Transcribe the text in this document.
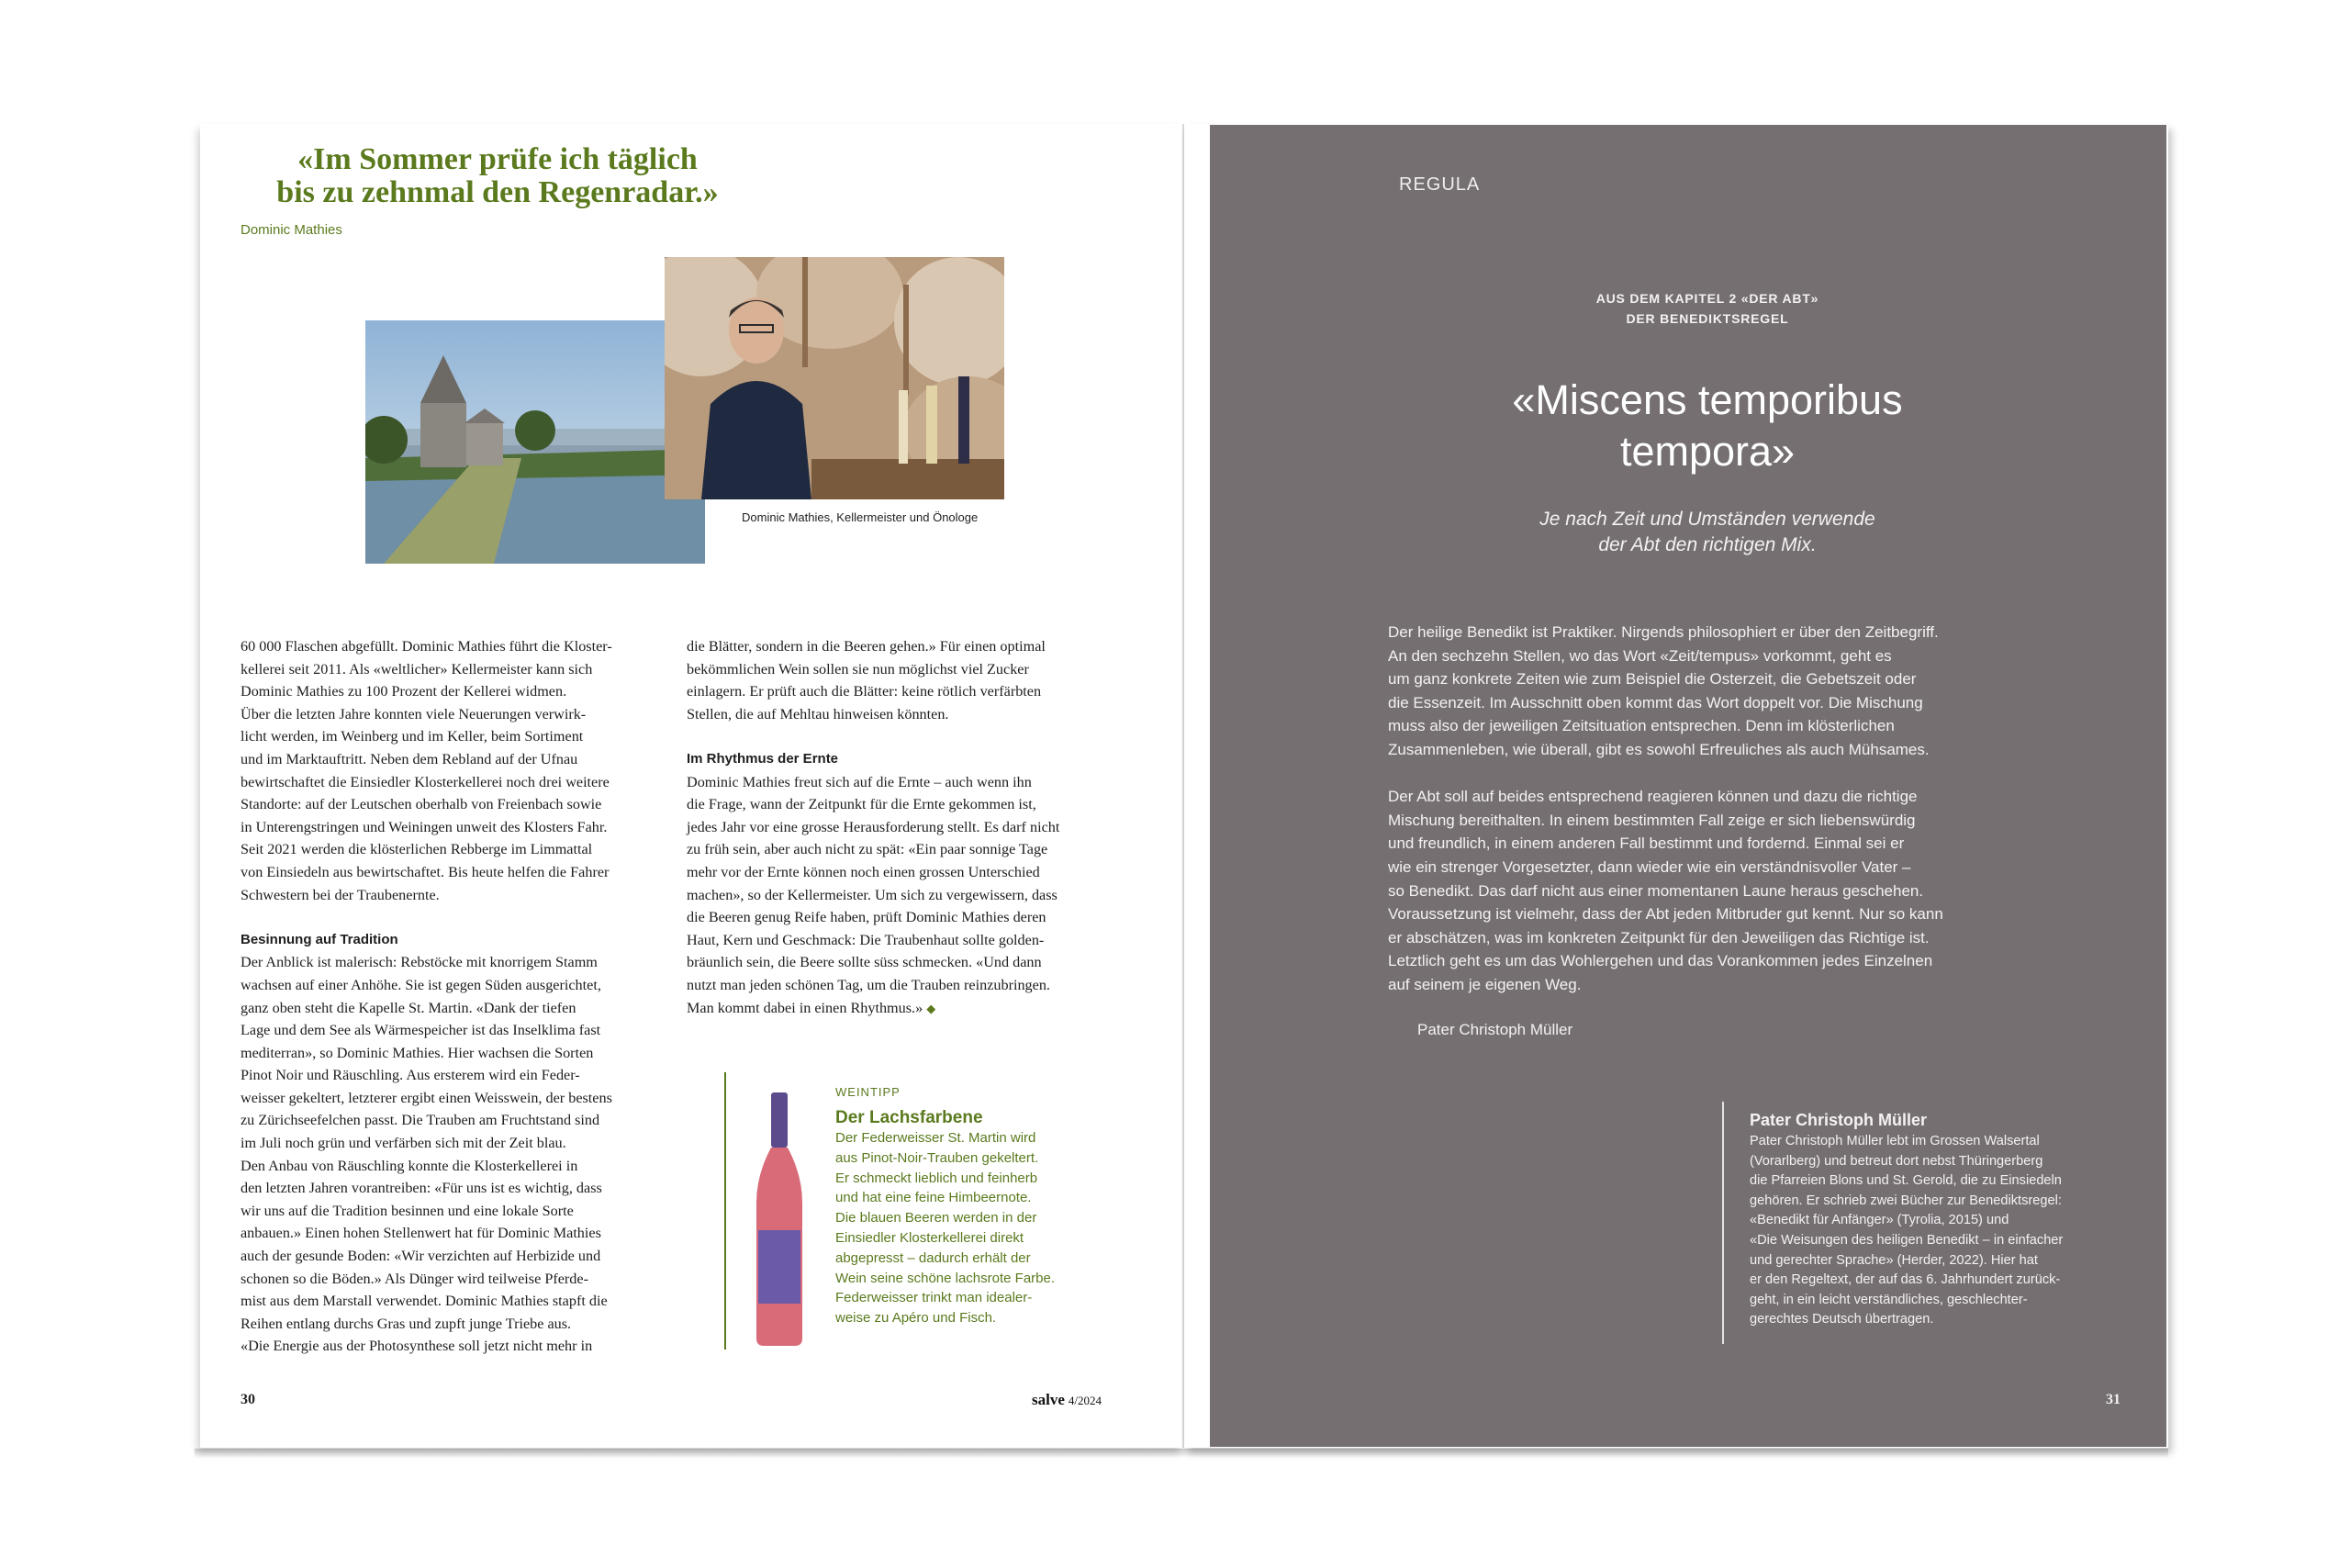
«Im Sommer prüfe ich täglich
bis zu zehnmal den Regenradar.»
Dominic Mathies
Dominic Mathies, Kellermeister und Önologe
60 000 Flaschen abgefüllt. Dominic Mathies führt die Kloster-
kellerei seit 2011. Als «weltlicher» Kellermeister kann sich
Dominic Mathies zu 100 Prozent der Kellerei widmen.
Über die letzten Jahre konnten viele Neuerungen verwirk-
licht werden, im Weinberg und im Keller, beim Sortiment
und im Marktauftritt. Neben dem Rebland auf der Ufnau
bewirtschaftet die Einsiedler Klosterkellerei noch drei weitere
Standorte: auf der Leutschen oberhalb von Freienbach sowie
in Unterengstringen und Weiningen unweit des Klosters Fahr.
Seit 2021 werden die klösterlichen Rebberge im Limmattal
von Einsiedeln aus bewirtschaftet. Bis heute helfen die Fahrer
Schwestern bei der Traubenernte.
Besinnung auf Tradition
Der Anblick ist malerisch: Rebstöcke mit knorrigem Stamm
wachsen auf einer Anhöhe. Sie ist gegen Süden ausgerichtet,
ganz oben steht die Kapelle St. Martin. «Dank der tiefen
Lage und dem See als Wärmespeicher ist das Inselklima fast
mediterran», so Dominic Mathies. Hier wachsen die Sorten
Pinot Noir und Räuschling. Aus ersterem wird ein Feder-
weisser gekeltert, letzterer ergibt einen Weisswein, der bestens
zu Zürichseefelchen passt. Die Trauben am Fruchtstand sind
im Juli noch grün und verfärben sich mit der Zeit blau.
Den Anbau von Räuschling konnte die Klosterkellerei in
den letzten Jahren vorantreiben: «Für uns ist es wichtig, dass
wir uns auf die Tradition besinnen und eine lokale Sorte
anbauen.» Einen hohen Stellenwert hat für Dominic Mathies
auch der gesunde Boden: «Wir verzichten auf Herbizide und
schonen so die Böden.» Als Dünger wird teilweise Pferde-
mist aus dem Marstall verwendet. Dominic Mathies stapft die
Reihen entlang durchs Gras und zupft junge Triebe aus.
«Die Energie aus der Photosynthese soll jetzt nicht mehr in
die Blätter, sondern in die Beeren gehen.» Für einen optimal
bekömmlichen Wein sollen sie nun möglichst viel Zucker
einlagern. Er prüft auch die Blätter: keine rötlich verfärbten
Stellen, die auf Mehltau hinweisen könnten.
Im Rhythmus der Ernte
Dominic Mathies freut sich auf die Ernte – auch wenn ihn
die Frage, wann der Zeitpunkt für die Ernte gekommen ist,
jedes Jahr vor eine grosse Herausforderung stellt. Es darf nicht
zu früh sein, aber auch nicht zu spät: «Ein paar sonnige Tage
mehr vor der Ernte können noch einen grossen Unterschied
machen», so der Kellermeister. Um sich zu vergewissern, dass
die Beeren genug Reife haben, prüft Dominic Mathies deren
Haut, Kern und Geschmack: Die Traubenhaut sollte golden-
bräunlich sein, die Beere sollte süss schmecken. «Und dann
nutzt man jeden schönen Tag, um die Trauben reinzubringen.
Man kommt dabei in einen Rhythmus.» ◆
WEINTIPP
Der Lachsfarbene
Der Federweisser St. Martin wird
aus Pinot-Noir-Trauben gekeltert.
Er schmeckt lieblich und feinherb
und hat eine feine Himbeernote.
Die blauen Beeren werden in der
Einsiedler Klosterkellerei direkt
abgepresst – dadurch erhält der
Wein seine schöne lachsrote Farbe.
Federweisser trinkt man idealer-
weise zu Apéro und Fisch.
30	salve 4/2024
REGULA
AUS DEM KAPITEL 2 «DER ABT»
DER BENEDIKTSREGEL
«Miscens temporibus
tempora»
Je nach Zeit und Umständen verwende
der Abt den richtigen Mix.
Der heilige Benedikt ist Praktiker. Nirgends philosophiert er über den Zeitbegriff.
An den sechzehn Stellen, wo das Wort «Zeit/tempus» vorkommt, geht es
um ganz konkrete Zeiten wie zum Beispiel die Osterzeit, die Gebetszeit oder
die Essenzeit. Im Ausschnitt oben kommt das Wort doppelt vor. Die Mischung
muss also der jeweiligen Zeitsituation entsprechen. Denn im klösterlichen
Zusammenleben, wie überall, gibt es sowohl Erfreuliches als auch Mühsames.
Der Abt soll auf beides entsprechend reagieren können und dazu die richtige
Mischung bereithalten. In einem bestimmten Fall zeige er sich liebenswürdig
und freundlich, in einem anderen Fall bestimmt und fordernd. Einmal sei er
wie ein strenger Vorgesetzter, dann wieder wie ein verständnisvoller Vater –
so Benedikt. Das darf nicht aus einer momentanen Laune heraus geschehen.
Voraussetzung ist vielmehr, dass der Abt jeden Mitbruder gut kennt. Nur so kann
er abschätzen, was im konkreten Zeitpunkt für den Jeweiligen das Richtige ist.
Letztlich geht es um das Wohlergehen und das Vorankommen jedes Einzelnen
auf seinem je eigenen Weg.
Pater Christoph Müller
Pater Christoph Müller
Pater Christoph Müller lebt im Grossen Walsertal
(Vorarlberg) und betreut dort nebst Thüringerberg
die Pfarreien Blons und St. Gerold, die zu Einsiedeln
gehören. Er schrieb zwei Bücher zur Benediktsregel:
«Benedikt für Anfänger» (Tyrolia, 2015) und
«Die Weisungen des heiligen Benedikt – in einfacher
und gerechter Sprache» (Herder, 2022). Hier hat
er den Regeltext, der auf das 6. Jahrhundert zurück-
geht, in ein leicht verständliches, geschlechter-
gerechtes Deutsch übertragen.
31
